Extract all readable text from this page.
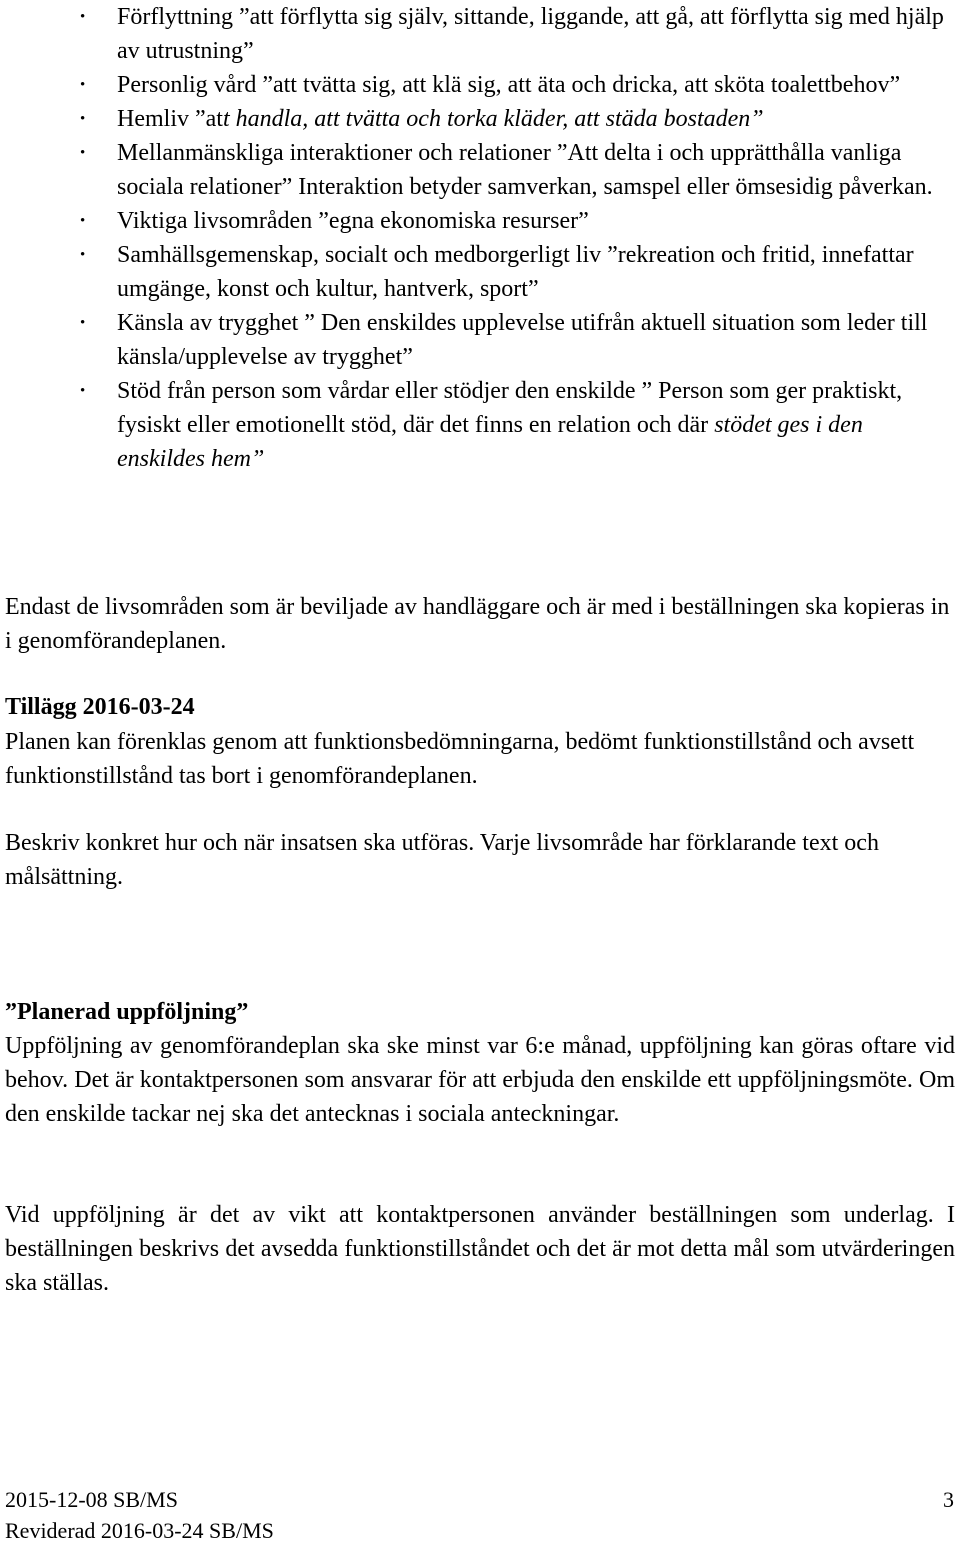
• Förflyttning ”att förflytta sig själv, sittande, liggande, att gå, att förflytta sig med hjälp av utrustning”
• Personlig vård ”att tvätta sig, att klä sig, att äta och dricka, att sköta toalettbehov”
• Hemliv ”att handla, att tvätta och torka kläder, att städa bostaden”
• Mellanmänskliga interaktioner och relationer ”Att delta i och upprätthålla vanliga sociala relationer” Interaktion betyder samverkan, samspel eller ömsesidig påverkan.
• Viktiga livsområden ”egna ekonomiska resurser”
• Samhällsgemenskap, socialt och medborgerligt liv ”rekreation och fritid, innefattar umgänge, konst och kultur, hantverk, sport”
• Känsla av trygghet ” Den enskildes upplevelse utifrån aktuell situation som leder till känsla/upplevelse av trygghet”
• Stöd från person som vårdar eller stödjer den enskilde ” Person som ger praktiskt, fysiskt eller emotionellt stöd, där det finns en relation och där stödet ges i den enskildes hem”

Endast de livsområden som är beviljade av handläggare och är med i beställningen ska kopieras in i genomförandeplanen.

Tillägg 2016-03-24

Planen kan förenklas genom att funktionsbedömningarna, bedömt funktionstillstånd och avsett funktionstillstånd tas bort i genomförandeplanen.

Beskriv konkret hur och när insatsen ska utföras. Varje livsområde har förklarande text och målsättning.

”Planerad uppföljning”

Uppföljning av genomförandeplan ska ske minst var 6:e månad, uppföljning kan göras oftare vid behov. Det är kontaktpersonen som ansvarar för att erbjuda den enskilde ett uppföljningsmöte. Om den enskilde tackar nej ska det antecknas i sociala anteckningar.

Vid uppföljning är det av vikt att kontaktpersonen använder beställningen som underlag. I beställningen beskrivs det avsedda funktionstillståndet och det är mot detta mål som utvärderingen ska ställas.

2015-12-08 SB/MS
Reviderad 2016-03-24 SB/MS
3
